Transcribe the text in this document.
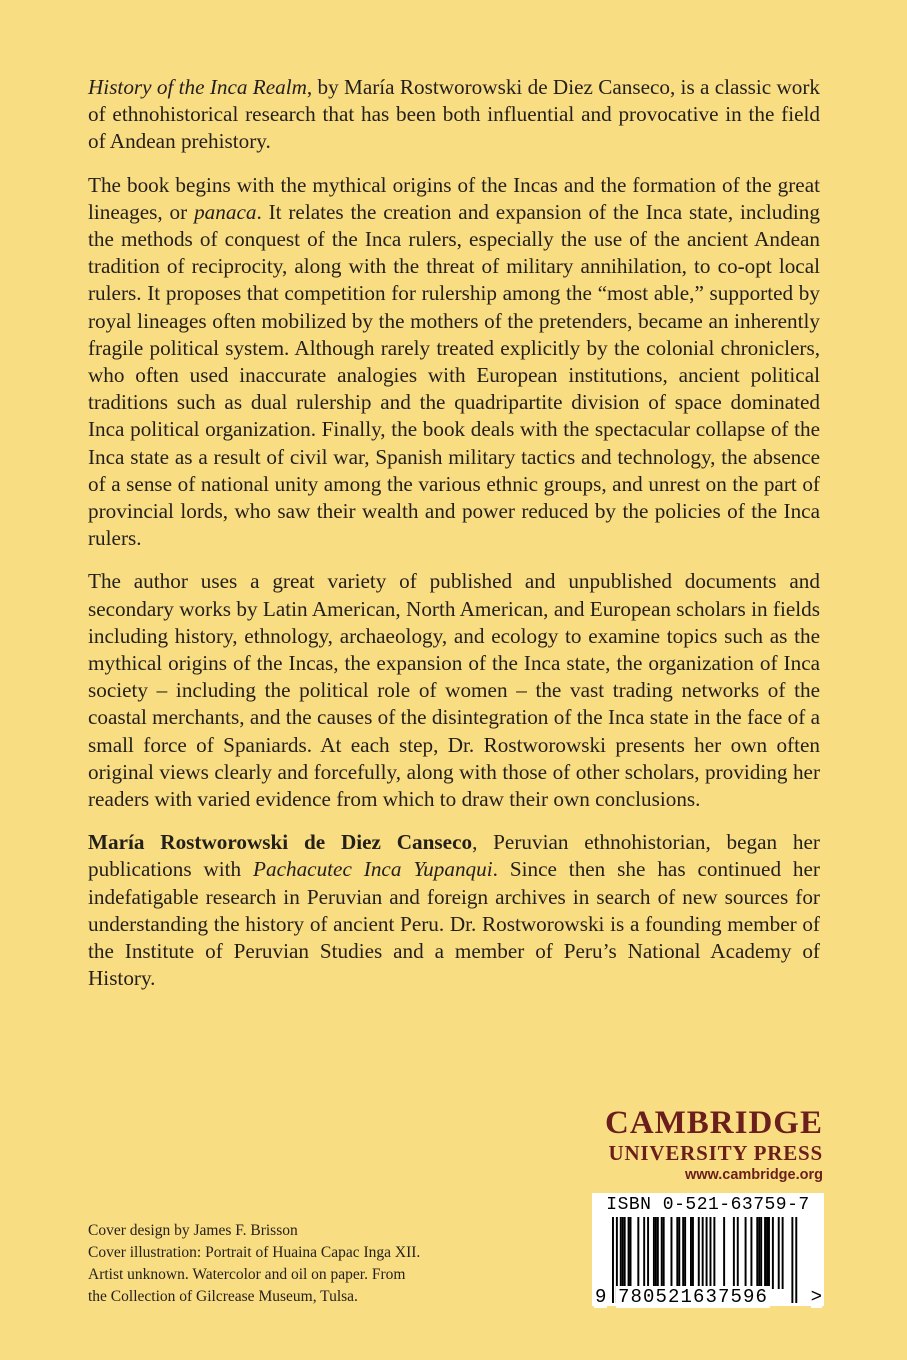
History of the Inca Realm, by María Rostworowski de Diez Canseco, is a classic work of ethnohistorical research that has been both influential and provocative in the field of Andean prehistory.

The book begins with the mythical origins of the Incas and the formation of the great lineages, or panaca. It relates the creation and expansion of the Inca state, including the methods of conquest of the Inca rulers, especially the use of the ancient Andean tradition of reciprocity, along with the threat of military annihilation, to co-opt local rulers. It proposes that competition for rulership among the “most able,” supported by royal lineages often mobilized by the mothers of the pretenders, became an inherently fragile political system. Although rarely treated explicitly by the colonial chroniclers, who often used inaccurate analogies with European institutions, ancient political traditions such as dual rulership and the quadripartite division of space dominated Inca political organization. Finally, the book deals with the spectacular collapse of the Inca state as a result of civil war, Spanish military tactics and technology, the absence of a sense of national unity among the various ethnic groups, and unrest on the part of provincial lords, who saw their wealth and power reduced by the policies of the Inca rulers.

The author uses a great variety of published and unpublished documents and secondary works by Latin American, North American, and European scholars in fields including history, ethnology, archaeology, and ecology to examine topics such as the mythical origins of the Incas, the expansion of the Inca state, the organization of Inca society – including the political role of women – the vast trading networks of the coastal merchants, and the causes of the disintegration of the Inca state in the face of a small force of Spaniards. At each step, Dr. Rostworowski presents her own often original views clearly and forcefully, along with those of other scholars, providing her readers with varied evidence from which to draw their own conclusions.

María Rostworowski de Diez Canseco, Peruvian ethnohistorian, began her publications with Pachacutec Inca Yupanqui. Since then she has continued her indefatigable research in Peruvian and foreign archives in search of new sources for understanding the history of ancient Peru. Dr. Rostworowski is a founding member of the Institute of Peruvian Studies and a member of Peru’s National Academy of History.

CAMBRIDGE
UNIVERSITY PRESS
www.cambridge.org
ISBN 0-521-63759-7
9 780521637596 >
Cover design by James F. Brisson
Cover illustration: Portrait of Huaina Capac Inga XII.
Artist unknown. Watercolor and oil on paper. From
the Collection of Gilcrease Museum, Tulsa.
